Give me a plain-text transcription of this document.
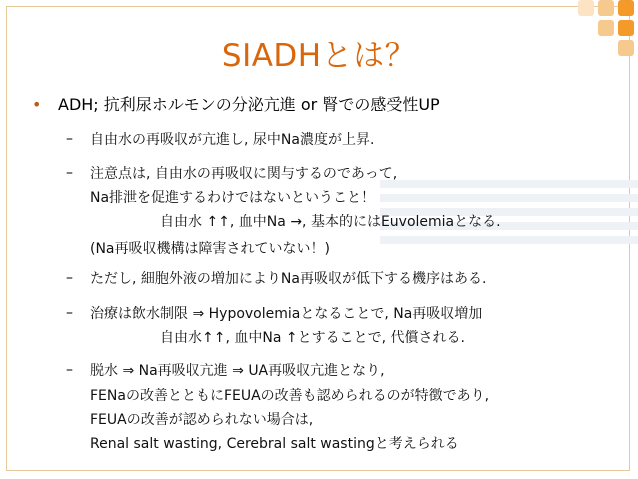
SIADHとは？
• ADH; 抗利尿ホルモンの分泌亢進 or 腎での感受性UP
– 自由水の再吸収が亢進し, 尿中Na濃度が上昇.
– 注意点は, 自由水の再吸収に関与するのであって,
Na排泄を促進するわけではないということ！
自由水 ↑↑, 血中Na →, 基本的にはEuvolemiaとなる.
(Na再吸収機構は障害されていない！)
– ただし, 細胞外液の増加によりNa再吸収が低下する機序はある.
– 治療は飲水制限 ⇒ Hypovolemiaとなることで, Na再吸収増加
自由水↑↑, 血中Na ↑とすることで, 代償される.
– 脱水 ⇒ Na再吸収亢進 ⇒ UA再吸収亢進となり,
FENaの改善とともにFEUAの改善も認められるのが特徴であり,
FEUAの改善が認められない場合は,
Renal salt wasting, Cerebral salt wastingと考えられる
